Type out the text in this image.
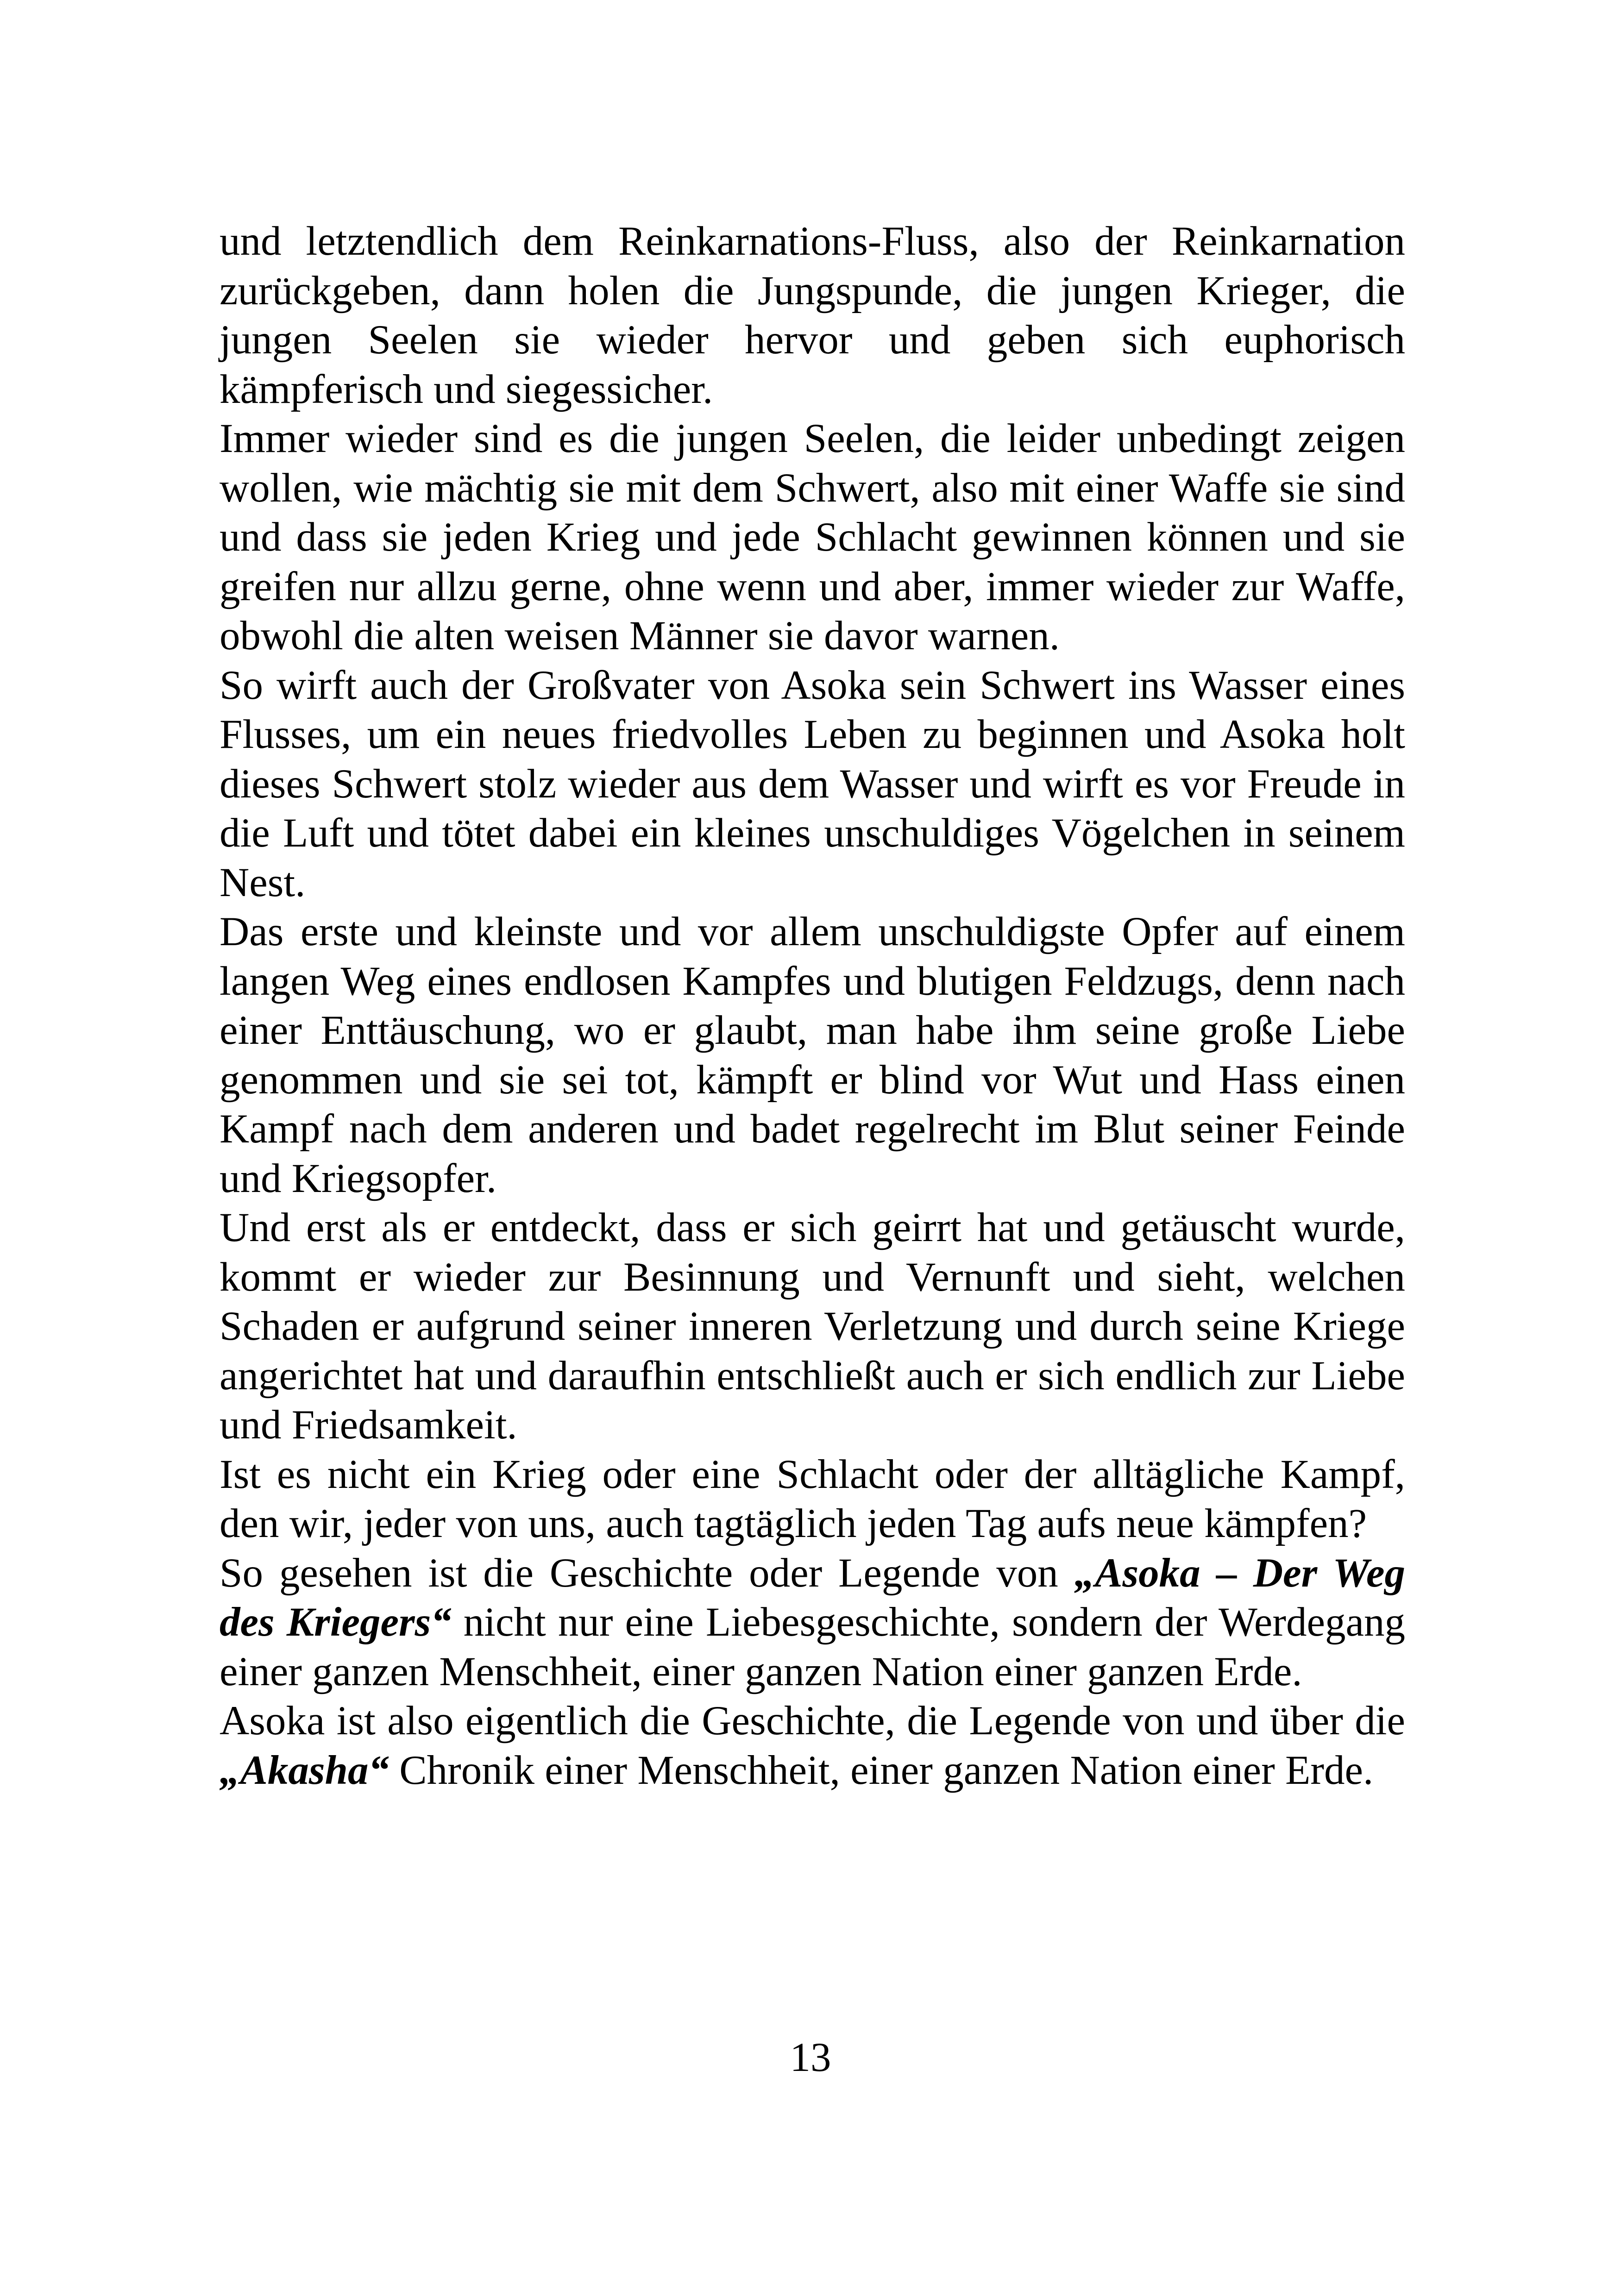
und letztendlich dem Reinkarnations-Fluss, also der Reinkarnation zurückgeben, dann holen die Jungspunde, die jungen Krieger, die jungen Seelen sie wieder hervor und geben sich euphorisch kämpferisch und siegessicher.

Immer wieder sind es die jungen Seelen, die leider unbedingt zeigen wollen, wie mächtig sie mit dem Schwert, also mit einer Waffe sie sind und dass sie jeden Krieg und jede Schlacht gewinnen können und sie greifen nur allzu gerne, ohne wenn und aber, immer wieder zur Waffe, obwohl die alten weisen Männer sie davor warnen.

So wirft auch der Großvater von Asoka sein Schwert ins Wasser eines Flusses, um ein neues friedvolles Leben zu beginnen und Asoka holt dieses Schwert stolz wieder aus dem Wasser und wirft es vor Freude in die Luft und tötet dabei ein kleines unschuldiges Vögelchen in seinem Nest.

Das erste und kleinste und vor allem unschuldigste Opfer auf einem langen Weg eines endlosen Kampfes und blutigen Feldzugs, denn nach einer Enttäuschung, wo er glaubt, man habe ihm seine große Liebe genommen und sie sei tot, kämpft er blind vor Wut und Hass einen Kampf nach dem anderen und badet regelrecht im Blut seiner Feinde und Kriegsopfer.

Und erst als er entdeckt, dass er sich geirrt hat und getäuscht wurde, kommt er wieder zur Besinnung und Vernunft und sieht, welchen Schaden er aufgrund seiner inneren Verletzung und durch seine Kriege angerichtet hat und daraufhin entschließt auch er sich endlich zur Liebe und Friedsamkeit.

Ist es nicht ein Krieg oder eine Schlacht oder der alltägliche Kampf, den wir, jeder von uns, auch tagtäglich jeden Tag aufs neue kämpfen?

So gesehen ist die Geschichte oder Legende von „Asoka – Der Weg des Kriegers“ nicht nur eine Liebesgeschichte, sondern der Werdegang einer ganzen Menschheit, einer ganzen Nation einer ganzen Erde.

Asoka ist also eigentlich die Geschichte, die Legende von und über die „Akasha“ Chronik einer Menschheit, einer ganzen Nation einer Erde.

13
